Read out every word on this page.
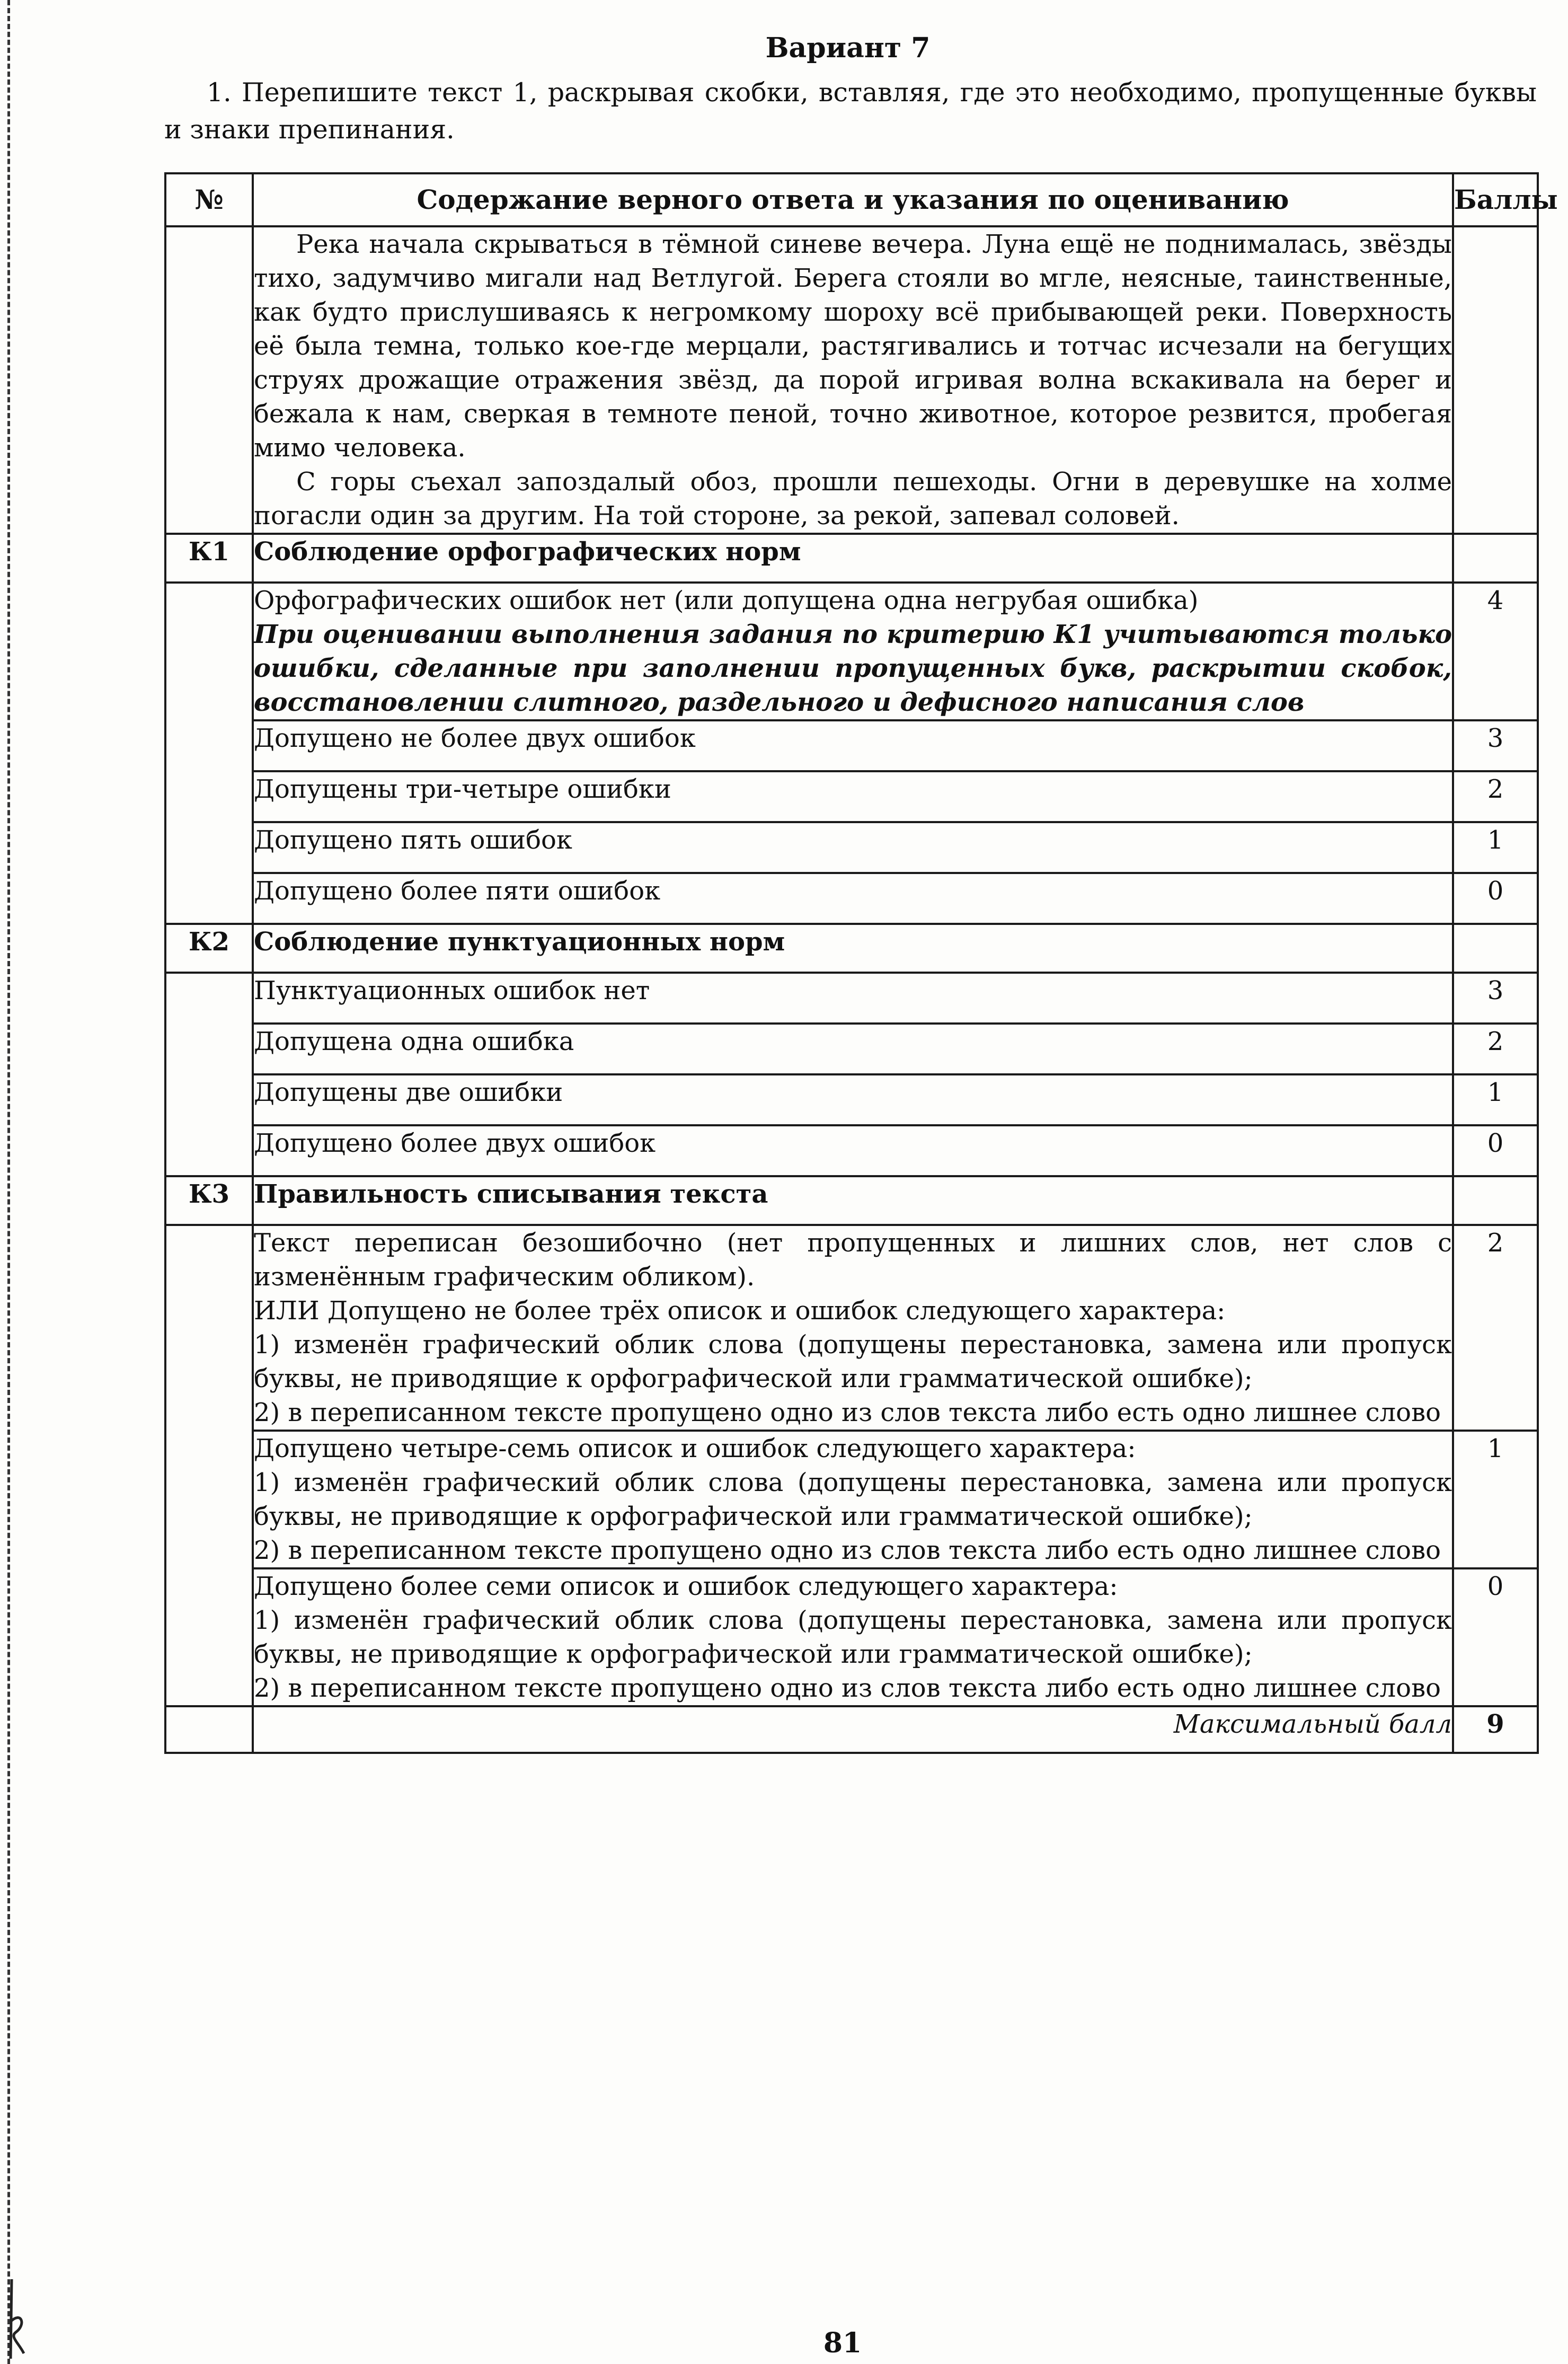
Вариант 7
1. Перепишите текст 1, раскрывая скобки, вставляя, где это необходимо, пропущенные буквы и знаки препинания.
№	Содержание верного ответа и указания по оцениванию	Баллы

	Река начала скрываться в тёмной синеве вечера. Луна ещё не поднималась, звёзды тихо, задумчиво мигали над Ветлугой. Берега стояли во мгле, неясные, таинственные, как будто прислушиваясь к негромкому шороху всё прибывающей реки. Поверхность её была темна, только кое-где мерцали, растягивались и тотчас исчезали на бегущих струях дрожащие отражения звёзд, да порой игривая волна вскакивала на берег и бежала к нам, сверкая в темноте пеной, точно животное, которое резвится, пробегая мимо человека.

С горы съехал запоздалый обоз, прошли пешеходы. Огни в деревушке на холме погасли один за другим. На той стороне, за рекой, запевал соловей.	

К1	Соблюдение орфографических норм	

	Орфографических ошибок нет (или допущена одна негрубая ошибка)
При оценивании выполнения задания по критерию К1 учитываются только ошибки, сделанные при заполнении пропущенных букв, раскрытии скобок, восстановлении слитного, раздельного и дефисного написания слов	4
	Допущено не более двух ошибок	3
	Допущены три-четыре ошибки	2
	Допущено пять ошибок	1
	Допущено более пяти ошибок	0
К2	Соблюдение пунктуационных норм	
	Пунктуационных ошибок нет	3
	Допущена одна ошибка	2
	Допущены две ошибки	1
	Допущено более двух ошибок	0
К3	Правильность списывания текста	

	Текст переписан безошибочно (нет пропущенных и лишних слов, нет слов с изменённым графическим обликом).
ИЛИ Допущено не более трёх описок и ошибок следующего характера:
1) изменён графический облик слова (допущены перестановка, замена или пропуск буквы, не приводящие к орфографической или грамматической ошибке);
2) в переписанном тексте пропущено одно из слов текста либо есть одно лишнее слово	2

	Допущено четыре-семь описок и ошибок следующего характера:
1) изменён графический облик слова (допущены перестановка, замена или пропуск буквы, не приводящие к орфографической или грамматической ошибке);
2) в переписанном тексте пропущено одно из слов текста либо есть одно лишнее слово	1

	Допущено более семи описок и ошибок следующего характера:
1) изменён графический облик слова (допущены перестановка, замена или пропуск буквы, не приводящие к орфографической или грамматической ошибке);
2) в переписанном тексте пропущено одно из слов текста либо есть одно лишнее слово	0
	Максимальный балл	9
81
